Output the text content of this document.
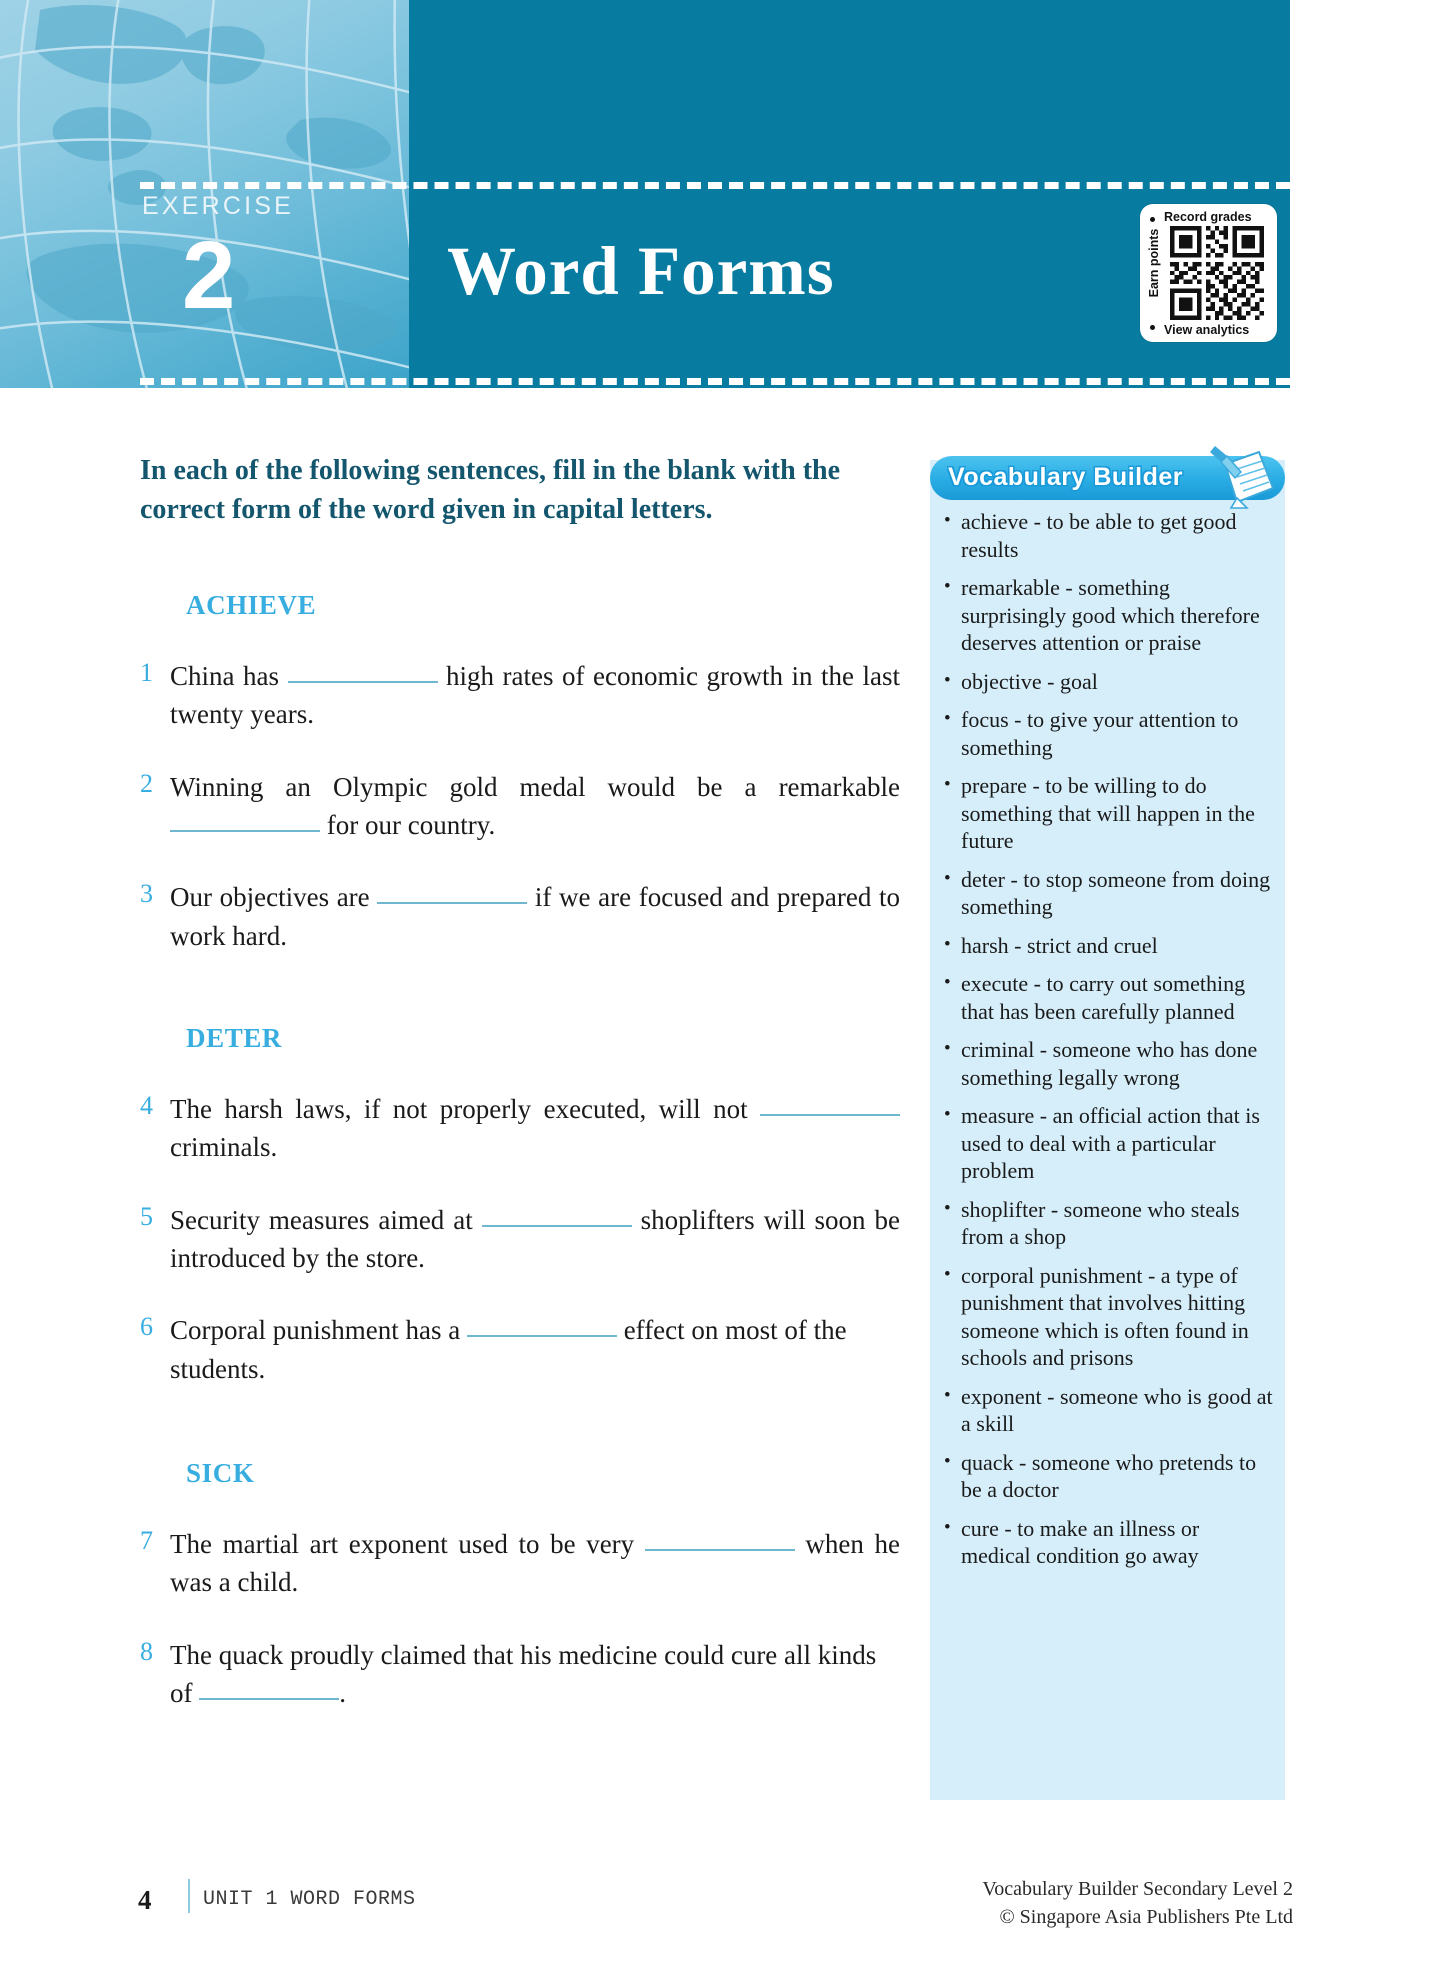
EXERCISE
2	Word Forms
Record grades
Earn points
View analytics
In each of the following sentences, fill in the blank with the correct form of the word given in capital letters.
ACHIEVE
1 China has	high rates of economic growth in the last twenty years.
2 Winning an Olympic gold medal would be a remarkable  for our country.
3 Our objectives are	if we are focused and prepared to work hard.
DETER
4 The harsh laws, if not properly executed, will not criminals.
5 Security measures aimed at	shoplifters will soon be introduced by the store.
6 Corporal punishment has a	effect on most of the students.
SICK
7 The martial art exponent used to be very	when he was a child.
8 The quack proudly claimed that his medicine could cure all kinds of	.
Vocabulary Builder
• achieve - to be able to get good results
• remarkable - something surprisingly good which therefore deserves attention or praise
• objective - goal
• focus - to give your attention to something
• prepare - to be willing to do something that will happen in the future
• deter - to stop someone from doing something
• harsh - strict and cruel
• execute - to carry out something that has been carefully planned
• criminal - someone who has done something legally wrong
• measure - an official action that is used to deal with a particular problem
• shoplifter - someone who steals from a shop
• corporal punishment - a type of punishment that involves hitting someone which is often found in schools and prisons
• exponent - someone who is good at a skill
• quack - someone who pretends to be a doctor
• cure - to make an illness or medical condition go away
4	UNIT 1 WORD FORMS	Vocabulary Builder Secondary Level 2
© Singapore Asia Publishers Pte Ltd
